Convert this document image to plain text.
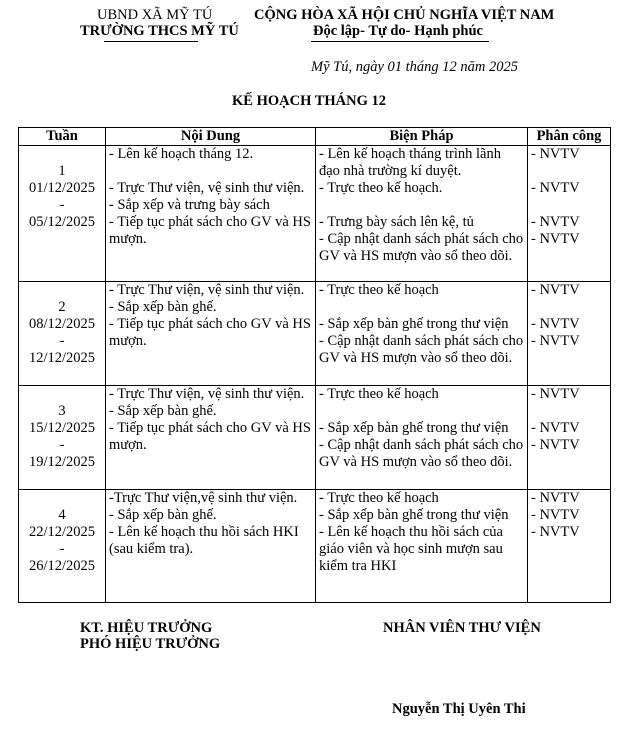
UBND XÃ MỸ TÚ
TRƯỜNG THCS MỸ TÚ
CỘNG HÒA XÃ HỘI CHỦ NGHĨA VIỆT NAM
Độc lập- Tự do- Hạnh phúc
Mỹ Tú, ngày 01 tháng 12 năm 2025
KẾ HOẠCH THÁNG 12
Tuần	Nội Dung	Biện Pháp	Phân công

1
01/12/2025
-
05/12/2025	- Lên kế hoạch tháng 12.
- Trực Thư viện, vệ sinh thư viện.
- Sắp xếp và trưng bày sách
- Tiếp tục phát sách cho GV và HS mượn.	- Lên kế hoạch tháng trình lãnh đạo nhà trường kí duyệt.
- Trực theo kế hoạch.
- Trưng bày sách lên kệ, tủ
- Cập nhật danh sách phát sách cho GV và HS mượn vào sổ theo dõi.	- NVTV
- NVTV
- NVTV
- NVTV

2
08/12/2025
-
12/12/2025	- Trực Thư viện, vệ sinh thư viện.
- Sắp xếp bàn ghế.
- Tiếp tục phát sách cho GV và HS mượn.	- Trực theo kế hoạch
- Sắp xếp bàn ghế trong thư viện
- Cập nhật danh sách phát sách cho GV và HS mượn vào sổ theo dõi.	- NVTV
- NVTV
- NVTV

3
15/12/2025
-
19/12/2025	- Trực Thư viện, vệ sinh thư viện.
- Sắp xếp bàn ghế.
- Tiếp tục phát sách cho GV và HS mượn.	- Trực theo kế hoạch
- Sắp xếp bàn ghế trong thư viện
- Cập nhật danh sách phát sách cho GV và HS mượn vào sổ theo dõi.	- NVTV
- NVTV
- NVTV

4
22/12/2025
-
26/12/2025	-Trực Thư viện,vệ sinh thư viện.
- Sắp xếp bàn ghế.
- Lên kế hoạch thu hồi sách HKI (sau kiểm tra).	- Trực theo kế hoạch
- Sắp xếp bàn ghế trong thư viện
- Lên kế hoạch thu hồi sách của giáo viên và học sinh mượn sau kiểm tra HKI	- NVTV
- NVTV
- NVTV
KT. HIỆU TRƯỞNG
PHÓ HIỆU TRƯỞNG
NHÂN VIÊN THƯ VIỆN
Nguyễn Thị Uyên Thi
